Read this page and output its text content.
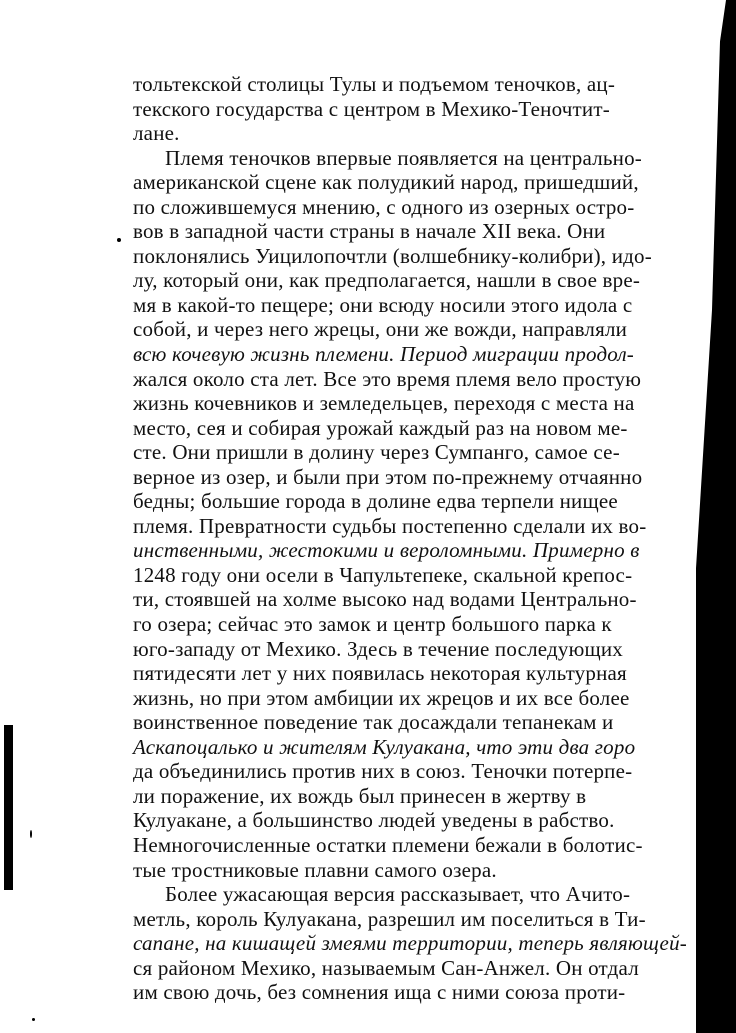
тольтекской столицы Тулы и подъемом теночков, ац-
текского государства с центром в Мехико-Теночтит-
лане.
Племя теночков впервые появляется на центрально-
американской сцене как полудикий народ, пришедший,
по сложившемуся мнению, с одного из озерных остро-
вов в западной части страны в начале XII века. Они
поклонялись Уицилопочтли (волшебнику-колибри), идо-
лу, который они, как предполагается, нашли в свое вре-
мя в какой-то пещере; они всюду носили этого идола с
собой, и через него жрецы, они же вожди, направляли
всю кочевую жизнь племени. Период миграции продол-
жался около ста лет. Все это время племя вело простую
жизнь кочевников и земледельцев, переходя с места на
место, сея и собирая урожай каждый раз на новом ме-
сте. Они пришли в долину через Сумпанго, самое се-
верное из озер, и были при этом по-прежнему отчаянно
бедны; большие города в долине едва терпели нищее
племя. Превратности судьбы постепенно сделали их во-
инственными, жестокими и вероломными. Примерно в
1248 году они осели в Чапультепеке, скальной крепос-
ти, стоявшей на холме высоко над водами Центрально-
го озера; сейчас это замок и центр большого парка к
юго-западу от Мехико. Здесь в течение последующих
пятидесяти лет у них появилась некоторая культурная
жизнь, но при этом амбиции их жрецов и их все более
воинственное поведение так досаждали тепанекам и
Аскапоцалько и жителям Кулуакана, что эти два горо
да объединились против них в союз. Теночки потерпе-
ли поражение, их вождь был принесен в жертву в
Кулуакане, а большинство людей уведены в рабство.
Немногочисленные остатки племени бежали в болотис-
тые тростниковые плавни самого озера.
Более ужасающая версия рассказывает, что Ачито-
метль, король Кулуакана, разрешил им поселиться в Ти-
сапане, на кишащей змеями территории, теперь являющей-
ся районом Мехико, называемым Сан-Анжел. Он отдал
им свою дочь, без сомнения ища с ними союза проти-
